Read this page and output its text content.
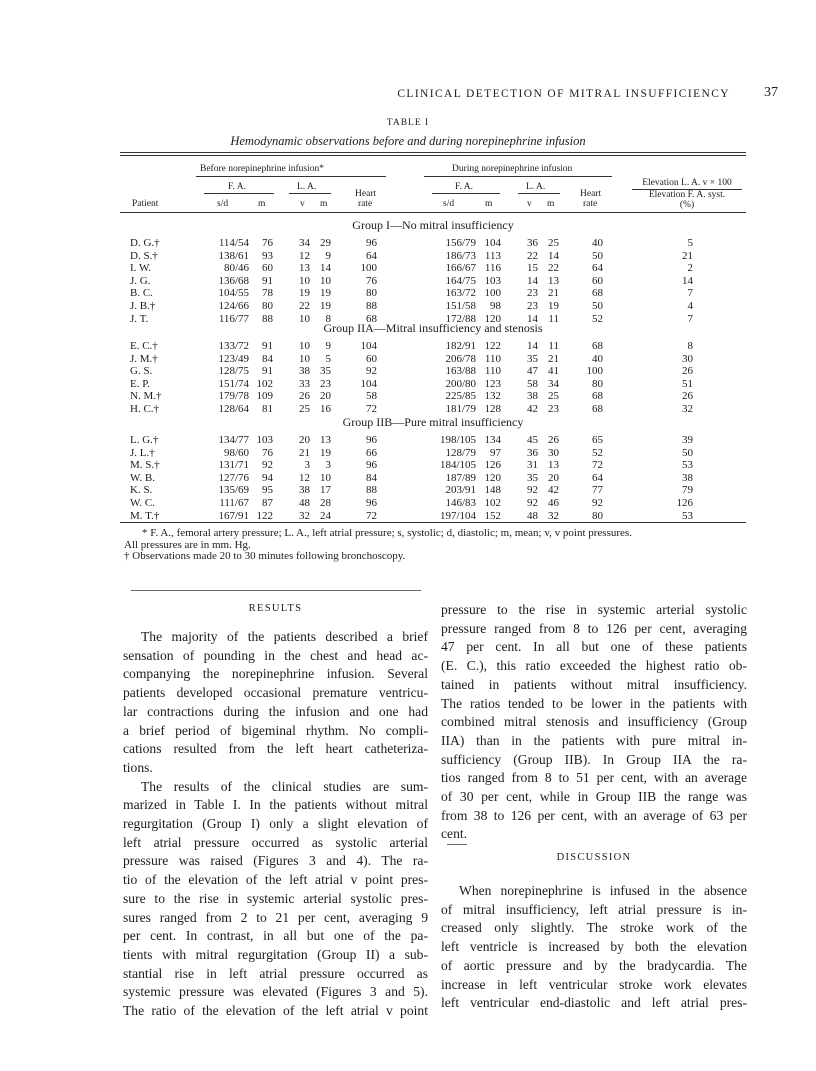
CLINICAL DETECTION OF MITRAL INSUFFICIENCY 37
TABLE I
Hemodynamic observations before and during norepinephrine infusion
Before norepinephrine infusion*	During norepinephrine infusion
Elevation L. A. v × 100
Elevation F. A. syst.
(%)
F. A.	L. A.
Heart
rate
Patient	s/d	m	v m
F. A.	L. A.
Heart
rate
s/d	m	v m
Group I—No mitral insufficiency
D. G.†	114/54 76 34 29	96	156/79 104 36 25	40	5
D. S.†	138/61 93 12 9	64	186/73 113 22 14	50	21
I. W.	80/46 60 13 14	100	166/67 116 15 22	64	2
J. G.	136/68 91 10 10	76	164/75 103 14 13	60	14
B. C.	104/55 78 19 19	80	163/72 100 23 21	68	7
J. B.†	124/66 80 22 19	88	151/58 98 23 19	50	4
J. T.	116/77 88 10 8	68	172/88 120 14 11	52	7
Group IIA—Mitral insufficiency and stenosis
E. C.†	133/72 91 10 9	104	182/91 122 14 11	68	8
J. M.†	123/49 84 10 5	60	206/78 110 35 21	40	30
G. S.	128/75 91 38 35	92	163/88 110 47 41	100	26
E. P.	151/74 102 33 23	104	200/80 123 58 34	80	51
N. M.†	179/78 109 26 20	58	225/85 132 38 25	68	26
H. C.†	128/64 81 25 16	72	181/79 128 42 23	68	32
Group IIB—Pure mitral insufficiency
L. G.†	134/77 103 20 13	96	198/105 134 45 26	65	39
J. L.†	98/60 76 21 19	66	128/79 97 36 30	52	50
M. S.†	131/71 92	3 3	96	184/105 126 31 13	72	53
W. B.	127/76 94 12 10	84	187/89 120 35 20	64	38
K. S.	135/69 95 38 17	88	203/91 148 92 42	77	79
W. C.	111/67 87 48 28	96	146/83 102 92 46	92	126
M. T.†	167/91 122 32 24	72	197/104 152 48 32	80	53
* F. A., femoral artery pressure; L. A., left atrial pressure; s, systolic; d, diastolic; m, mean; v, v point pressures.
All pressures are in mm. Hg.
† Observations made 20 to 30 minutes following bronchoscopy.
RESULTS
The majority of the patients described a brief
sensation of pounding in the chest and head ac-
companying the norepinephrine infusion. Several
patients developed occasional premature ventricu-
lar contractions during the infusion and one had
a brief period of bigeminal rhythm. No compli-
cations resulted from the left heart catheteriza-
tions.
The results of the clinical studies are sum-
marized in Table I. In the patients without mitral
regurgitation (Group I) only a slight elevation of
left atrial pressure occurred as systolic arterial
pressure was raised (Figures 3 and 4). The ra-
tio of the elevation of the left atrial v point pres-
sure to the rise in systemic arterial systolic pres-
sures ranged from 2 to 21 per cent, averaging 9
per cent. In contrast, in all but one of the pa-
tients with mitral regurgitation (Group II) a sub-
stantial rise in left atrial pressure occurred as
systemic pressure was elevated (Figures 3 and 5).
The ratio of the elevation of the left atrial v point
pressure to the rise in systemic arterial systolic
pressure ranged from 8 to 126 per cent, averaging
47 per cent. In all but one of these patients
(E. C.), this ratio exceeded the highest ratio ob-
tained in patients without mitral insufficiency.
The ratios tended to be lower in the patients with
combined mitral stenosis and insufficiency (Group
IIA) than in the patients with pure mitral in-
sufficiency (Group IIB). In Group IIA the ra-
tios ranged from 8 to 51 per cent, with an average
of 30 per cent, while in Group IIB the range was
from 38 to 126 per cent, with an average of 63 per
cent.
DISCUSSION
When norepinephrine is infused in the absence
of mitral insufficiency, left atrial pressure is in-
creased only slightly. The stroke work of the
left ventricle is increased by both the elevation
of aortic pressure and by the bradycardia. The
increase in left ventricular stroke work elevates
left ventricular end-diastolic and left atrial pres-
